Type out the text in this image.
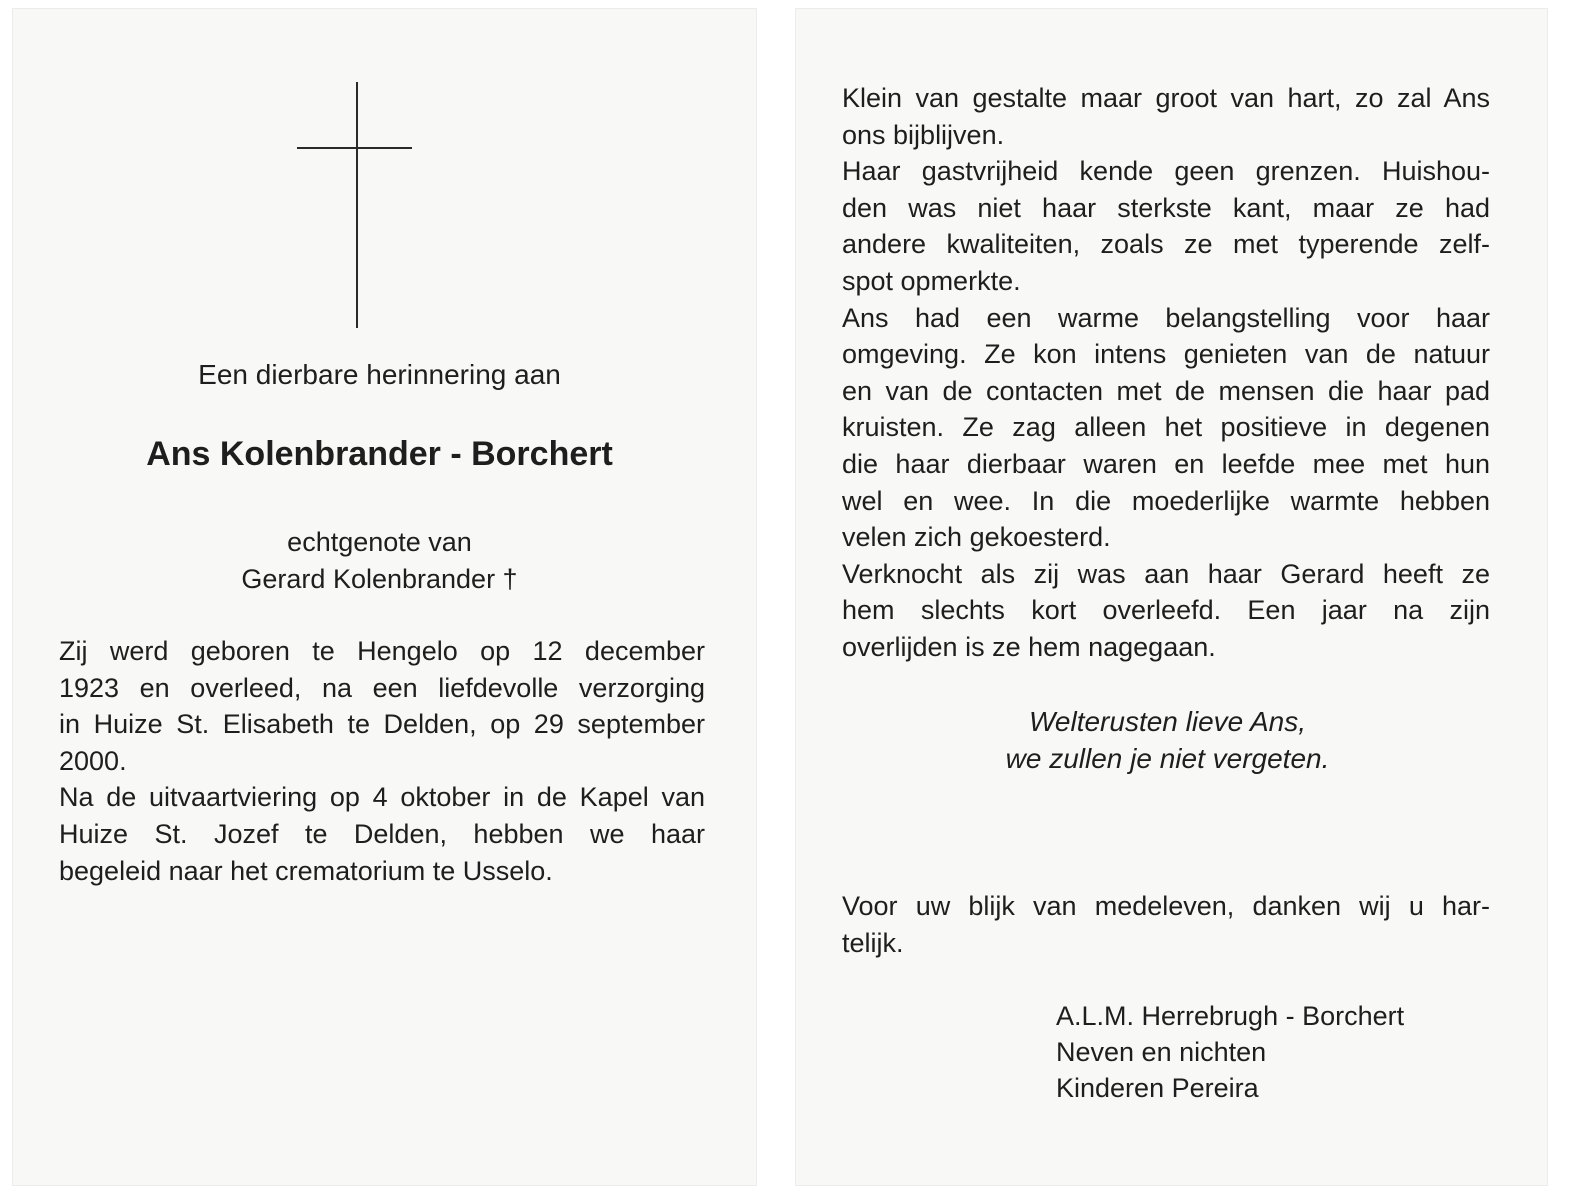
Een dierbare herinnering aan
Ans Kolenbrander - Borchert
echtgenote van
Gerard Kolenbrander †
Zij werd geboren te Hengelo op 12 december
1923 en overleed, na een liefdevolle verzorging
in Huize St. Elisabeth te Delden, op 29 september
2000.
Na de uitvaartviering op 4 oktober in de Kapel van
Huize St. Jozef te Delden, hebben we haar
begeleid naar het crematorium te Usselo.
Klein van gestalte maar groot van hart, zo zal Ans
ons bijblijven.
Haar gastvrijheid kende geen grenzen. Huishou-
den was niet haar sterkste kant, maar ze had
andere kwaliteiten, zoals ze met typerende zelf-
spot opmerkte.
Ans had een warme belangstelling voor haar
omgeving. Ze kon intens genieten van de natuur
en van de contacten met de mensen die haar pad
kruisten. Ze zag alleen het positieve in degenen
die haar dierbaar waren en leefde mee met hun
wel en wee. In die moederlijke warmte hebben
velen zich gekoesterd.
Verknocht als zij was aan haar Gerard heeft ze
hem slechts kort overleefd. Een jaar na zijn
overlijden is ze hem nagegaan.
Welterusten lieve Ans,
we zullen je niet vergeten.
Voor uw blijk van medeleven, danken wij u har-
telijk.
A.L.M. Herrebrugh - Borchert
Neven en nichten
Kinderen Pereira
